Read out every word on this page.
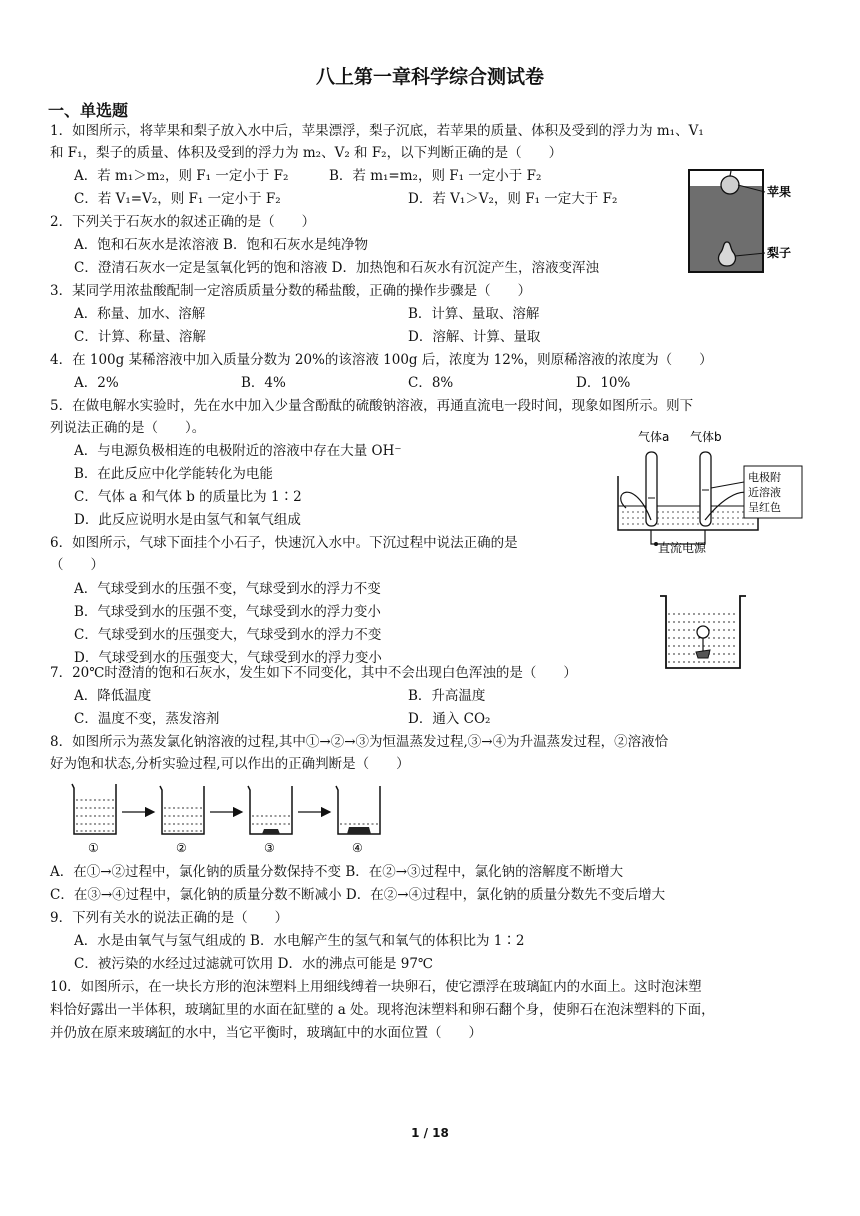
八上第一章科学综合测试卷
一、单选题
1．如图所示，将苹果和梨子放入水中后，苹果漂浮，梨子沉底，若苹果的质量、体积及受到的浮力为 m₁、V₁
和 F₁，梨子的质量、体积及受到的浮力为 m₂、V₂ 和 F₂，以下判断正确的是（　　）
A．若 m₁＞m₂，则 F₁ 一定小于 F₂	B．若 m₁=m₂，则 F₁ 一定小于 F₂
C．若 V₁=V₂，则 F₁ 一定小于 F₂	D．若 V₁＞V₂，则 F₁ 一定大于 F₂	苹果
梨子
2．下列关于石灰水的叙述正确的是（　　）
A．饱和石灰水是浓溶液 B．饱和石灰水是纯净物
C．澄清石灰水一定是氢氧化钙的饱和溶液 D．加热饱和石灰水有沉淀产生，溶液变浑浊
3．某同学用浓盐酸配制一定溶质质量分数的稀盐酸，正确的操作步骤是（　　）
A．称量、加水、溶解	B．计算、量取、溶解
C．计算、称量、溶解	D．溶解、计算、量取
4．在 100g 某稀溶液中加入质量分数为 20%的该溶液 100g 后，浓度为 12%，则原稀溶液的浓度为（　　）
A．2%	B．4%	C．8%	D．10%
5．在做电解水实验时，先在水中加入少量含酚酞的硫酸钠溶液，再通直流电一段时间，现象如图所示。则下
列说法正确的是（　　）。
A．与电源负极相连的电极附近的溶液中存在大量 OH⁻
B．在此反应中化学能转化为电能
C．气体 a 和气体 b 的质量比为 1∶2
D．此反应说明水是由氢气和氧气组成
气体a 气体b
电极附
近溶液
呈红色
直流电源
6．如图所示，气球下面挂个小石子，快速沉入水中。下沉过程中说法正确的是
（　　）
A．气球受到水的压强不变，气球受到水的浮力不变
B．气球受到水的压强不变，气球受到水的浮力变小
C．气球受到水的压强变大，气球受到水的浮力不变
D．气球受到水的压强变大，气球受到水的浮力变小
7．20℃时澄清的饱和石灰水，发生如下不同变化，其中不会出现白色浑浊的是（　　）
A．降低温度	B．升高温度
C．温度不变，蒸发溶剂	D．通入 CO₂
8．如图所示为蒸发氯化钠溶液的过程,其中①→②→③为恒温蒸发过程,③→④为升温蒸发过程，②溶液恰
好为饱和状态,分析实验过程,可以作出的正确判断是（　　）
①	②	③	④
A．在①→②过程中，氯化钠的质量分数保持不变 B．在②→③过程中，氯化钠的溶解度不断增大
C．在③→④过程中，氯化钠的质量分数不断减小 D．在②→④过程中，氯化钠的质量分数先不变后增大
9．下列有关水的说法正确的是（　　）
A．水是由氧气与氢气组成的 B．水电解产生的氢气和氧气的体积比为 1∶2
C．被污染的水经过过滤就可饮用 D．水的沸点可能是 97℃
10．如图所示，在一块长方形的泡沫塑料上用细线缚着一块卵石，使它漂浮在玻璃缸内的水面上。这时泡沫塑
料恰好露出一半体积，玻璃缸里的水面在缸壁的 a 处。现将泡沫塑料和卵石翻个身，使卵石在泡沫塑料的下面，
并仍放在原来玻璃缸的水中，当它平衡时，玻璃缸中的水面位置（　　）
1 / 18
